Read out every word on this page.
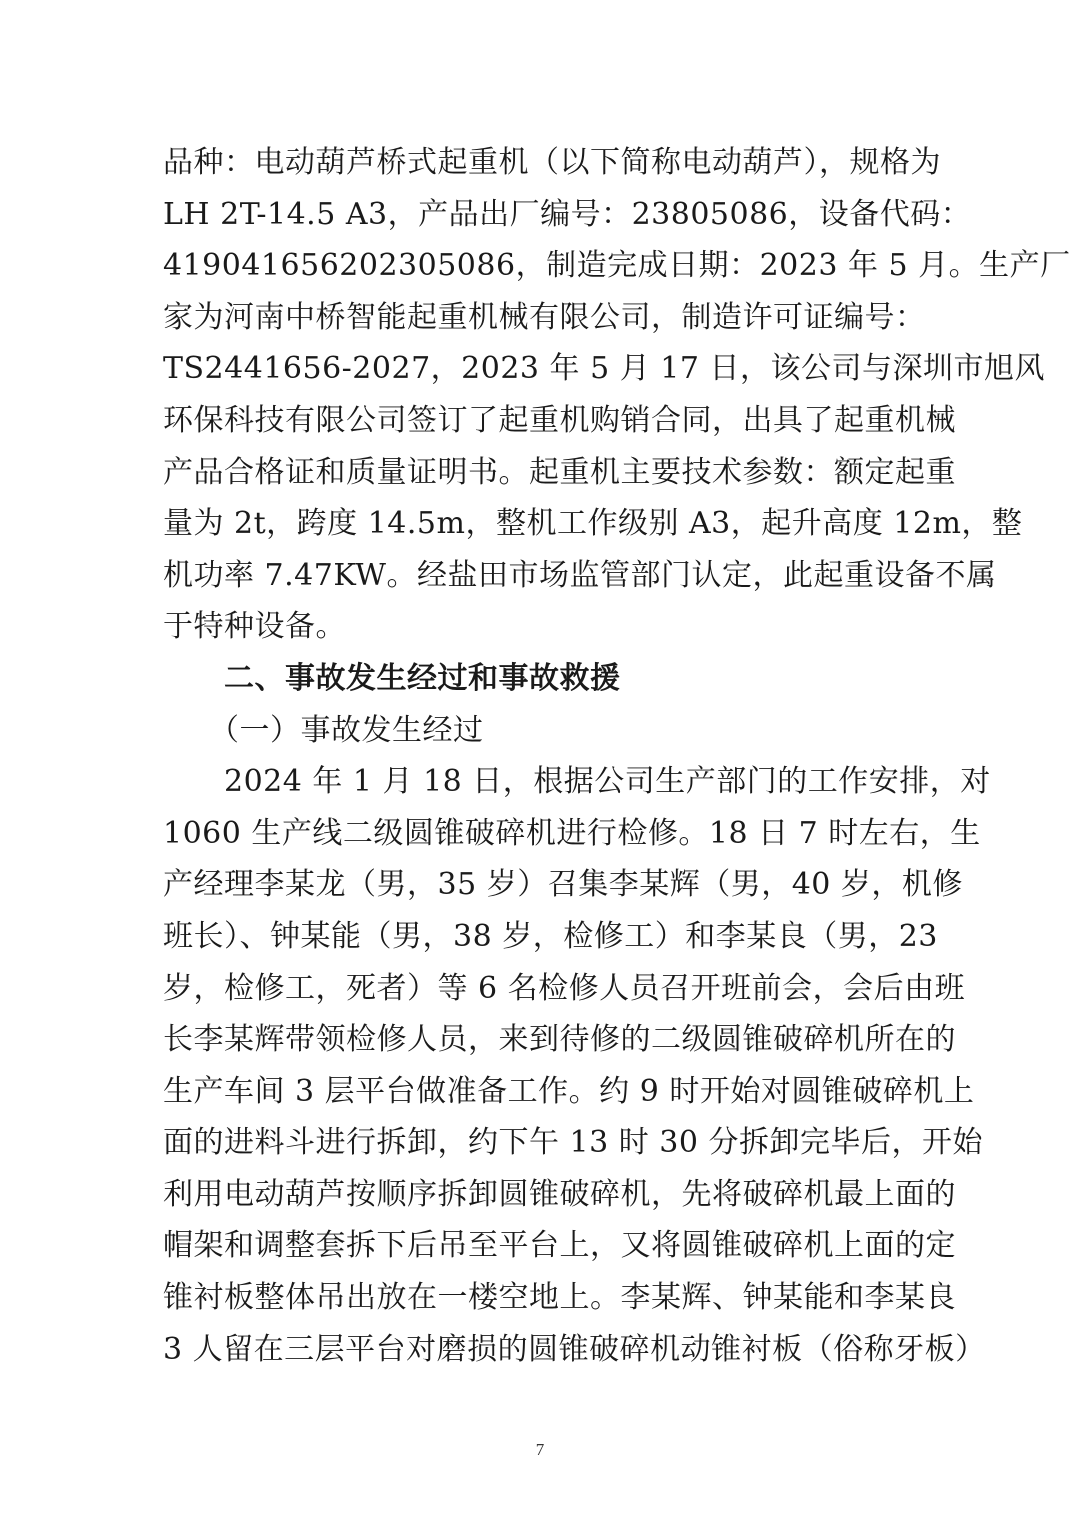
品种：电动葫芦桥式起重机（以下简称电动葫芦），规格为
LH 2T-14.5 A3，产品出厂编号：23805086，设备代码：
419041656202305086，制造完成日期：2023 年 5 月。生产厂
家为河南中桥智能起重机械有限公司，制造许可证编号：
TS2441656-2027，2023 年 5 月 17 日，该公司与深圳市旭风
环保科技有限公司签订了起重机购销合同，出具了起重机械
产品合格证和质量证明书。起重机主要技术参数：额定起重
量为 2t，跨度 14.5m，整机工作级别 A3，起升高度 12m，整
机功率 7.47KW。经盐田市场监管部门认定，此起重设备不属
于特种设备。
　　二、事故发生经过和事故救援
　　（一）事故发生经过
　　2024 年 1 月 18 日，根据公司生产部门的工作安排，对
1060 生产线二级圆锥破碎机进行检修。18 日 7 时左右，生
产经理李某龙（男，35 岁）召集李某辉（男，40 岁，机修
班长）、钟某能（男，38 岁，检修工）和李某良（男，23
岁，检修工，死者）等 6 名检修人员召开班前会，会后由班
长李某辉带领检修人员，来到待修的二级圆锥破碎机所在的
生产车间 3 层平台做准备工作。约 9 时开始对圆锥破碎机上
面的进料斗进行拆卸，约下午 13 时 30 分拆卸完毕后，开始
利用电动葫芦按顺序拆卸圆锥破碎机，先将破碎机最上面的
帽架和调整套拆下后吊至平台上，又将圆锥破碎机上面的定
锥衬板整体吊出放在一楼空地上。李某辉、钟某能和李某良
3 人留在三层平台对磨损的圆锥破碎机动锥衬板（俗称牙板）
7
